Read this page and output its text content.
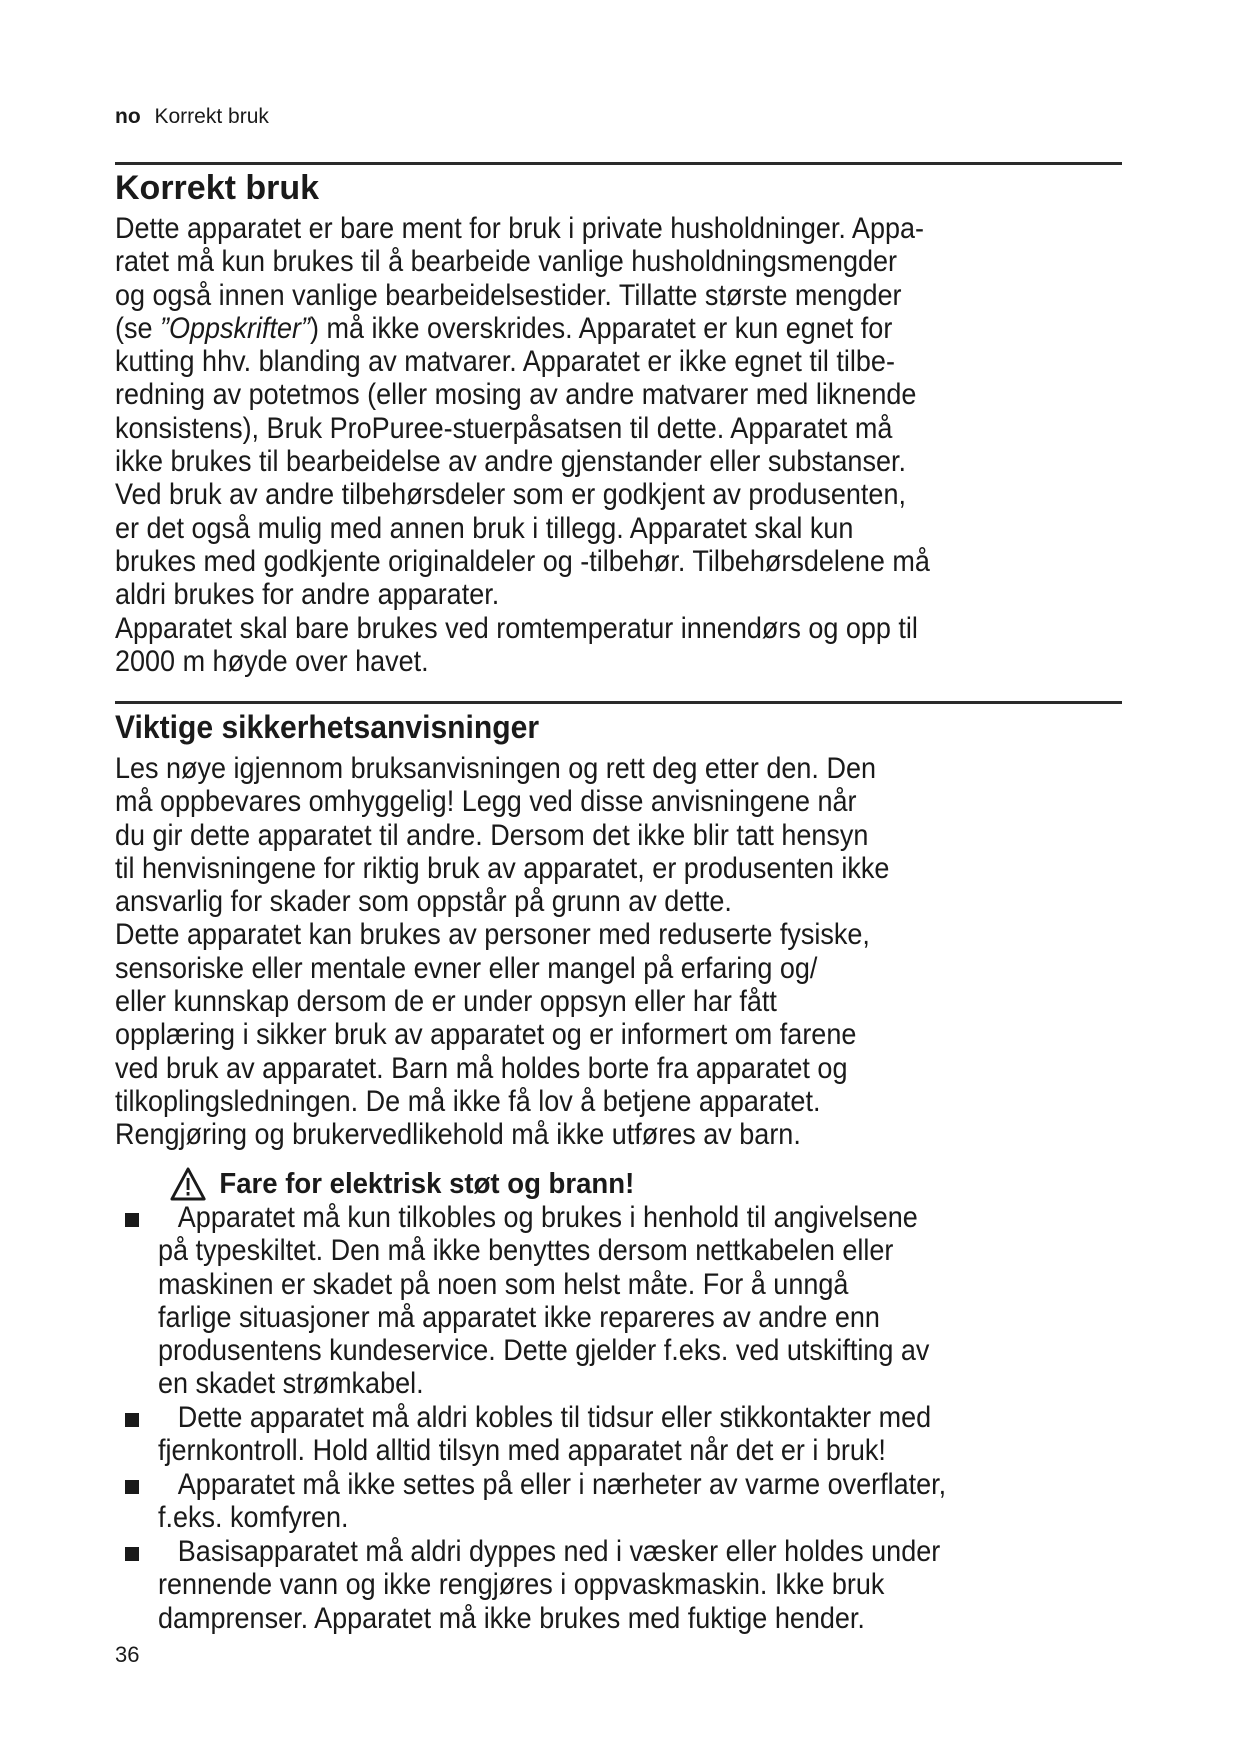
no Korrekt bruk
Korrekt bruk
Dette apparatet er bare ment for bruk i private husholdninger. Appa-
ratet må kun brukes til å bearbeide vanlige husholdningsmengder
og også innen vanlige bearbeidelsestider. Tillatte største mengder
(se ”Oppskrifter”) må ikke overskrides. Apparatet er kun egnet for
kutting hhv. blanding av matvarer. Apparatet er ikke egnet til tilbe-
redning av potetmos (eller mosing av andre matvarer med liknende
konsistens), Bruk ProPuree-stuerpåsatsen til dette. Apparatet må
ikke brukes til bearbeidelse av andre gjenstander eller substanser.
Ved bruk av andre tilbehørsdeler som er godkjent av produsenten,
er det også mulig med annen bruk i tillegg. Apparatet skal kun
brukes med godkjente originaldeler og -tilbehør. Tilbehørsdelene må
aldri brukes for andre apparater.
Apparatet skal bare brukes ved romtemperatur innendørs og opp til
2000 m høyde over havet.
Viktige sikkerhetsanvisninger
Les nøye igjennom bruksanvisningen og rett deg etter den. Den
må oppbevares omhyggelig! Legg ved disse anvisningene når
du gir dette apparatet til andre. Dersom det ikke blir tatt hensyn
til henvisningene for riktig bruk av apparatet, er produsenten ikke
ansvarlig for skader som oppstår på grunn av dette.
Dette apparatet kan brukes av personer med reduserte fysiske,
sensoriske eller mentale evner eller mangel på erfaring og/
eller kunnskap dersom de er under oppsyn eller har fått
opplæring i sikker bruk av apparatet og er informert om farene
ved bruk av apparatet. Barn må holdes borte fra apparatet og
tilkoplingsledningen. De må ikke få lov å betjene apparatet.
Rengjøring og brukervedlikehold må ikke utføres av barn.
Fare for elektrisk støt og brann!
Apparatet må kun tilkobles og brukes i henhold til angivelsene
på typeskiltet. Den må ikke benyttes dersom nettkabelen eller
maskinen er skadet på noen som helst måte. For å unngå
farlige situasjoner må apparatet ikke repareres av andre enn
produsentens kundeservice. Dette gjelder f.eks. ved utskifting av
en skadet strømkabel.
Dette apparatet må aldri kobles til tidsur eller stikkontakter med
fjernkontroll. Hold alltid tilsyn med apparatet når det er i bruk!
Apparatet må ikke settes på eller i nærheter av varme overflater,
f.eks. komfyren.
Basisapparatet må aldri dyppes ned i væsker eller holdes under
rennende vann og ikke rengjøres i oppvaskmaskin. Ikke bruk
damprenser. Apparatet må ikke brukes med fuktige hender.
36
